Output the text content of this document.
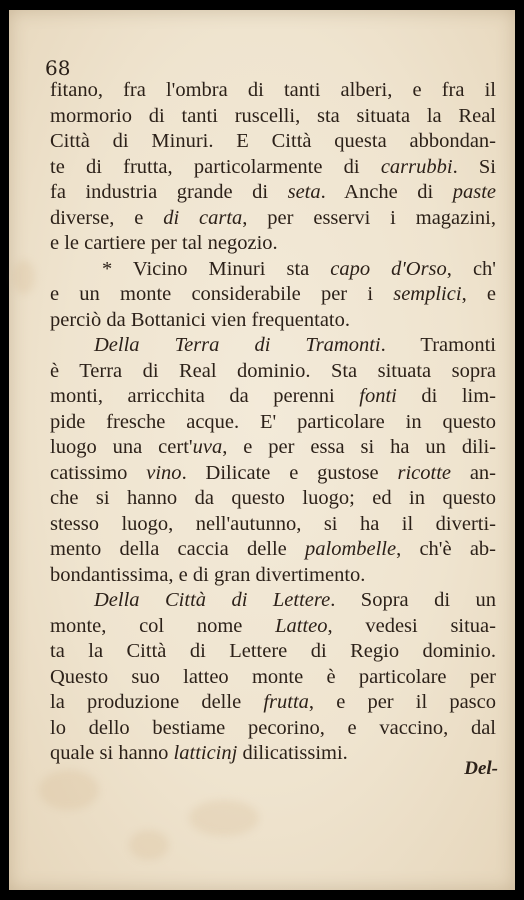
68
fitano, fra l'ombra di tanti alberi, e fra il
mormorio di tanti ruscelli, sta situata la Real
Città di Minuri. E Città questa abbondan-
te di frutta, particolarmente di carrubbi. Si
fa industria grande di seta. Anche di paste
diverse, e di carta, per esservi i magazini,
e le cartiere per tal negozio.
* Vicino Minuri sta capo d'Orso, ch'
e un monte considerabile per i semplici, e
perciò da Bottanici vien frequentato.
Della Terra di Tramonti. Tramonti
è Terra di Real dominio. Sta situata sopra
monti, arricchita da perenni fonti di lim-
pide fresche acque. E' particolare in questo
luogo una cert'uva, e per essa si ha un dili-
catissimo vino. Dilicate e gustose ricotte an-
che si hanno da questo luogo; ed in questo
stesso luogo, nell'autunno, si ha il diverti-
mento della caccia delle palombelle, ch'è ab-
bondantissima, e di gran divertimento.
Della Città di Lettere. Sopra di un
monte, col nome Latteo, vedesi situa-
ta la Città di Lettere di Regio dominio.
Questo suo latteo monte è particolare per
la produzione delle frutta, e per il pasco
lo dello bestiame pecorino, e vaccino, dal
quale si hanno latticinj dilicatissimi.
Del-
